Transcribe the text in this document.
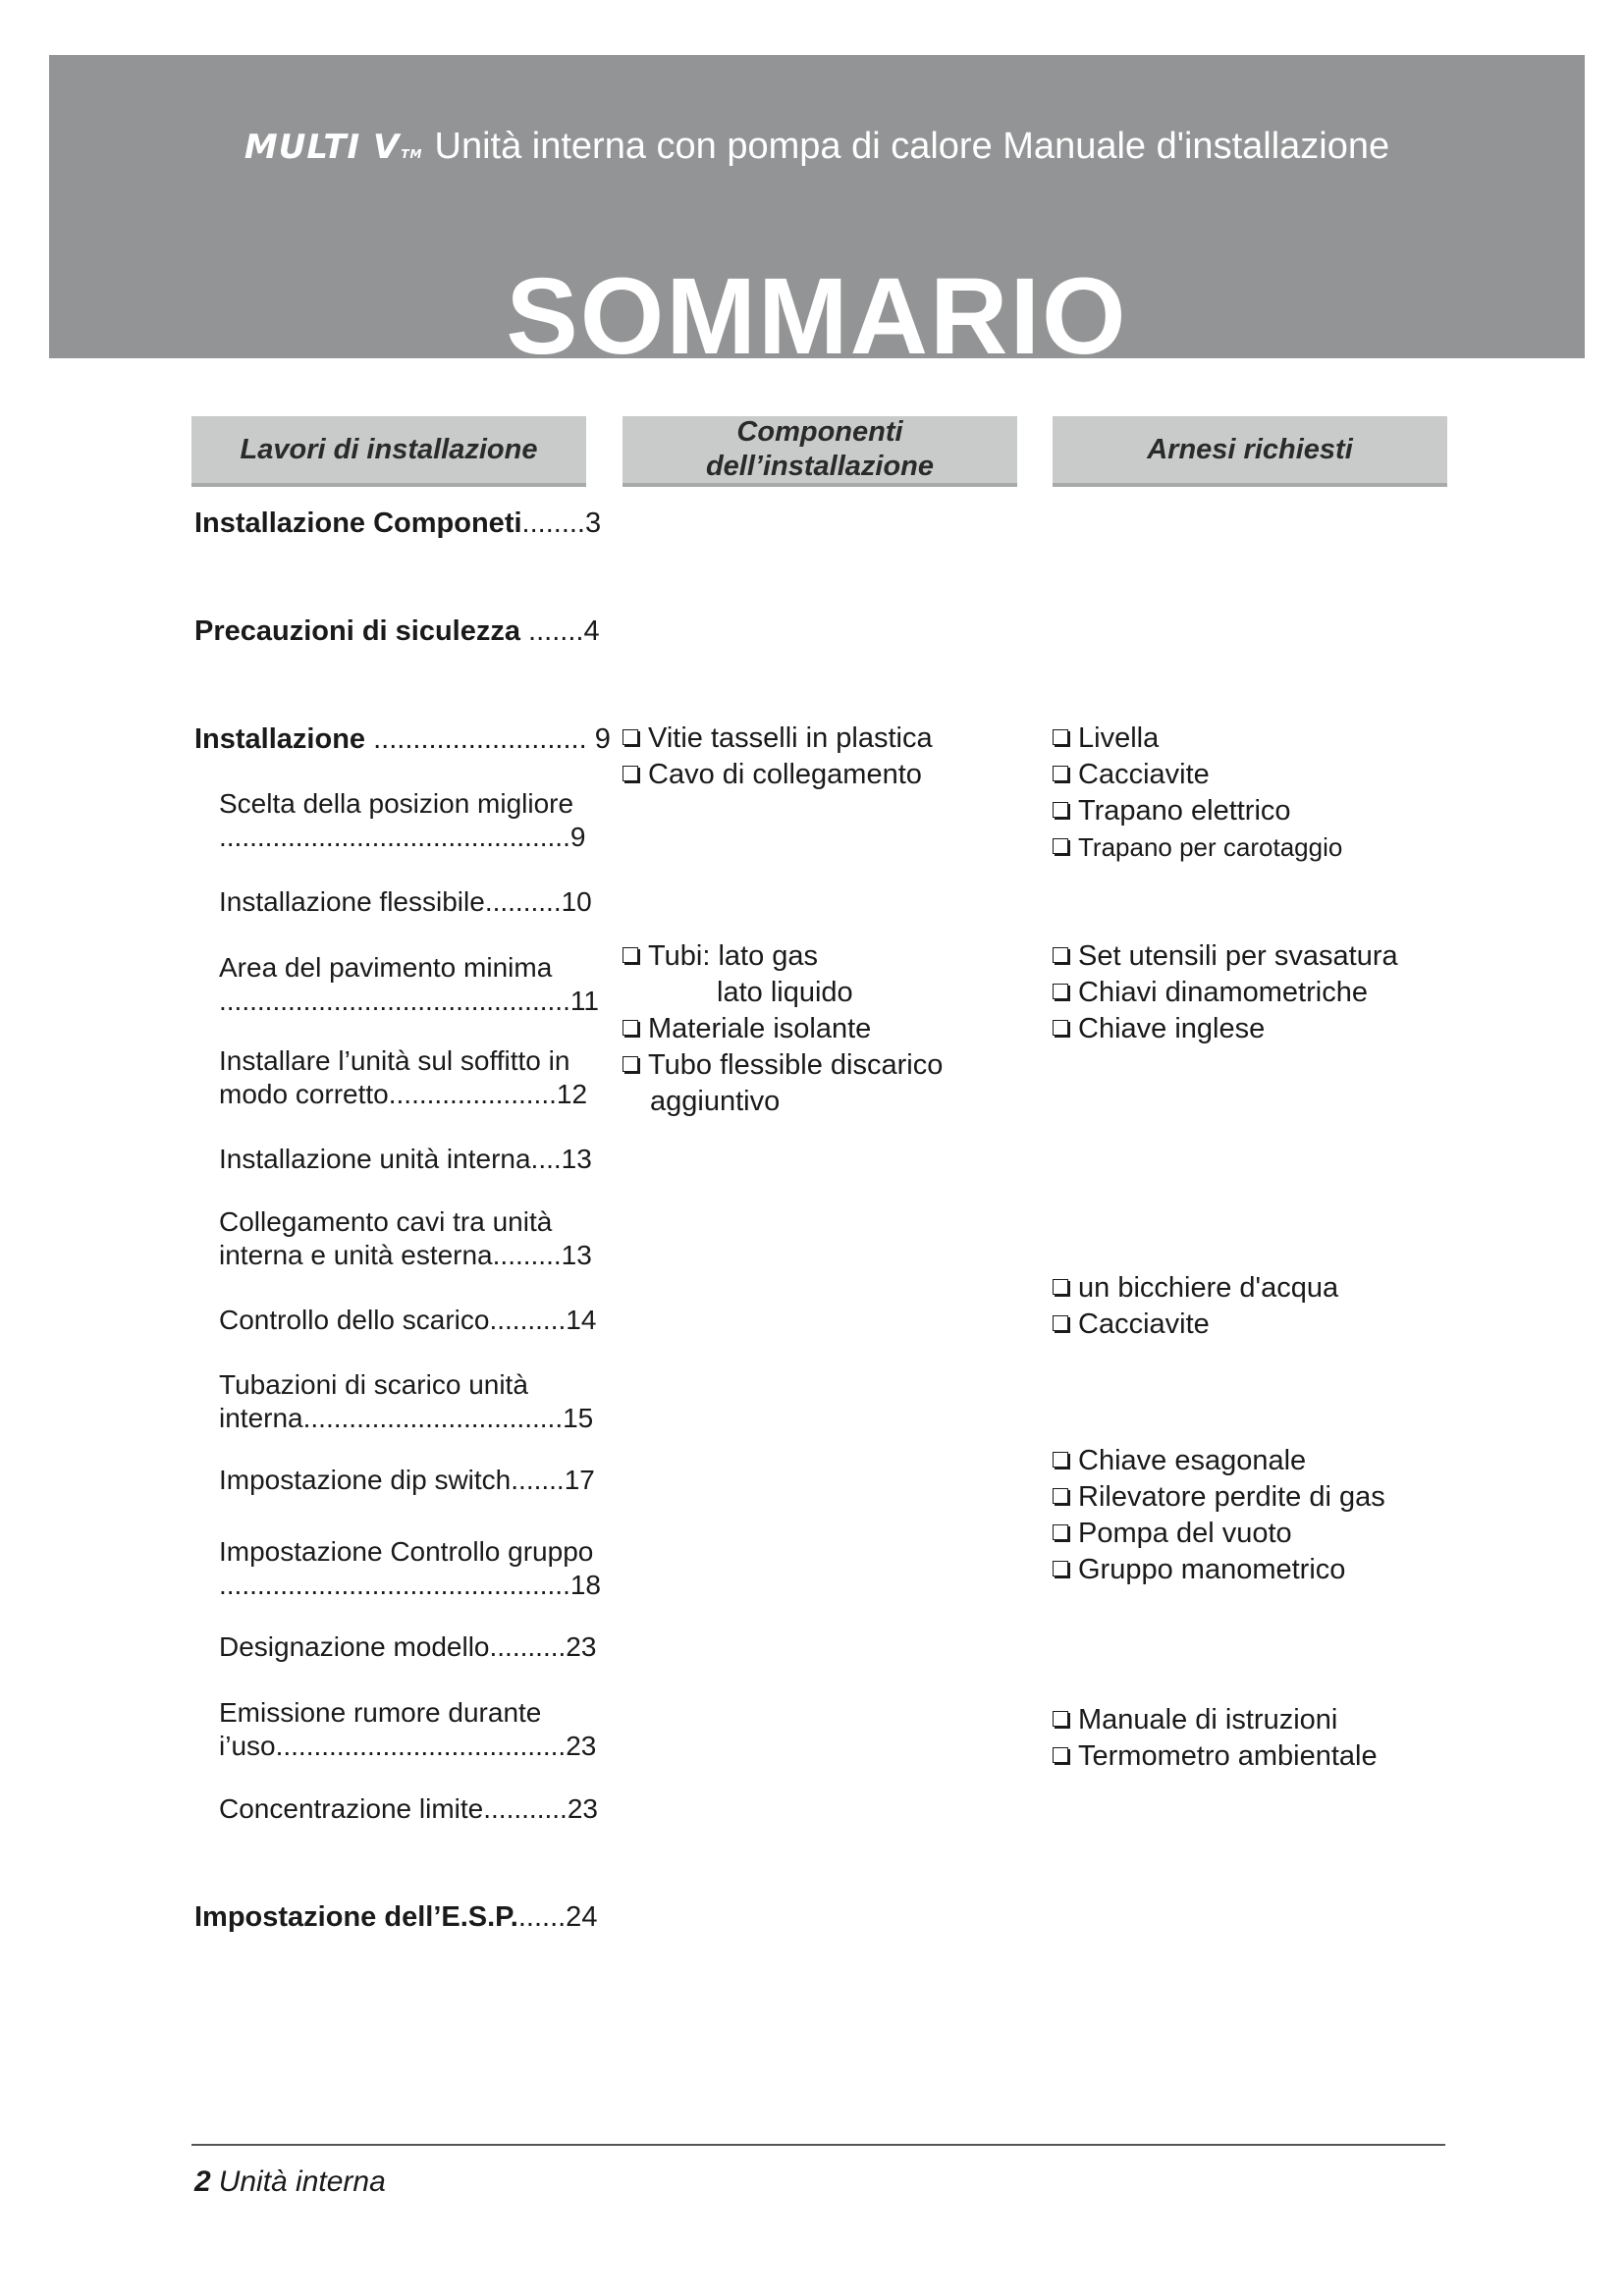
MULTI VTM Unità interna con pompa di calore Manuale d'installazione
SOMMARIO
Lavori di installazione
Componenti
dell’installazione
Arnesi richiesti
Installazione Componeti........3
Precauzioni di siculezza .......4
Installazione ........................... 9
Scelta della posizion migliore
..............................................9
Installazione flessibile..........10
Area del pavimento minima
..............................................11
Installare l’unità sul soffitto in
modo corretto......................12
Installazione unità interna....13
Collegamento cavi tra unità
interna e unità esterna.........13
Controllo dello scarico..........14
Tubazioni di scarico unità
interna..................................15
Impostazione dip switch.......17
Impostazione Controllo gruppo
..............................................18
Designazione modello..........23
Emissione rumore durante
i’uso......................................23
Concentrazione limite...........23
Impostazione dell’E.S.P.......24
Vitie tasselli in plastica
Cavo di collegamento
Tubi: lato gas
lato liquido
Materiale isolante
Tubo flessible discarico
aggiuntivo
Livella
Cacciavite
Trapano elettrico
Trapano per carotaggio
Set utensili per svasatura
Chiavi dinamometriche
Chiave inglese
un bicchiere d'acqua
Cacciavite
Chiave esagonale
Rilevatore perdite di gas
Pompa del vuoto
Gruppo manometrico
Manuale di istruzioni
Termometro ambientale
2 Unità interna
